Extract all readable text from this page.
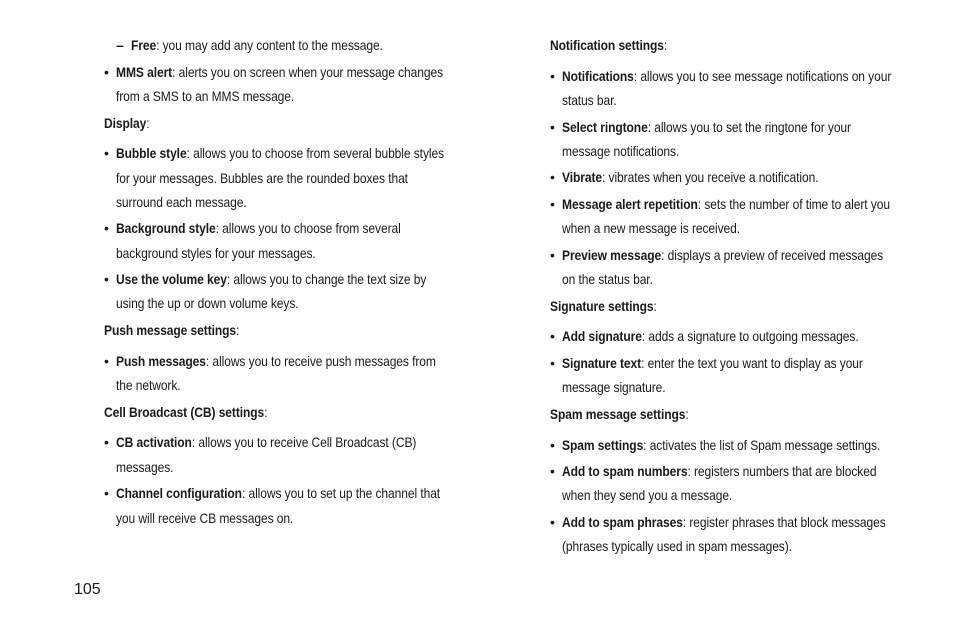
– Free: you may add any content to the message.
• MMS alert: alerts you on screen when your message changes
from a SMS to an MMS message.
Display:
• Bubble style: allows you to choose from several bubble styles
for your messages. Bubbles are the rounded boxes that
surround each message.
• Background style: allows you to choose from several
background styles for your messages.
• Use the volume key: allows you to change the text size by
using the up or down volume keys.
Push message settings:
• Push messages: allows you to receive push messages from
the network.
Cell Broadcast (CB) settings:
• CB activation: allows you to receive Cell Broadcast (CB)
messages.
• Channel configuration: allows you to set up the channel that
you will receive CB messages on.
Notification settings:
• Notifications: allows you to see message notifications on your
status bar.
• Select ringtone: allows you to set the ringtone for your
message notifications.
• Vibrate: vibrates when you receive a notification.
• Message alert repetition: sets the number of time to alert you
when a new message is received.
• Preview message: displays a preview of received messages
on the status bar.
Signature settings:
• Add signature: adds a signature to outgoing messages.
• Signature text: enter the text you want to display as your
message signature.
Spam message settings:
• Spam settings: activates the list of Spam message settings.
• Add to spam numbers: registers numbers that are blocked
when they send you a message.
• Add to spam phrases: register phrases that block messages
(phrases typically used in spam messages).
105
